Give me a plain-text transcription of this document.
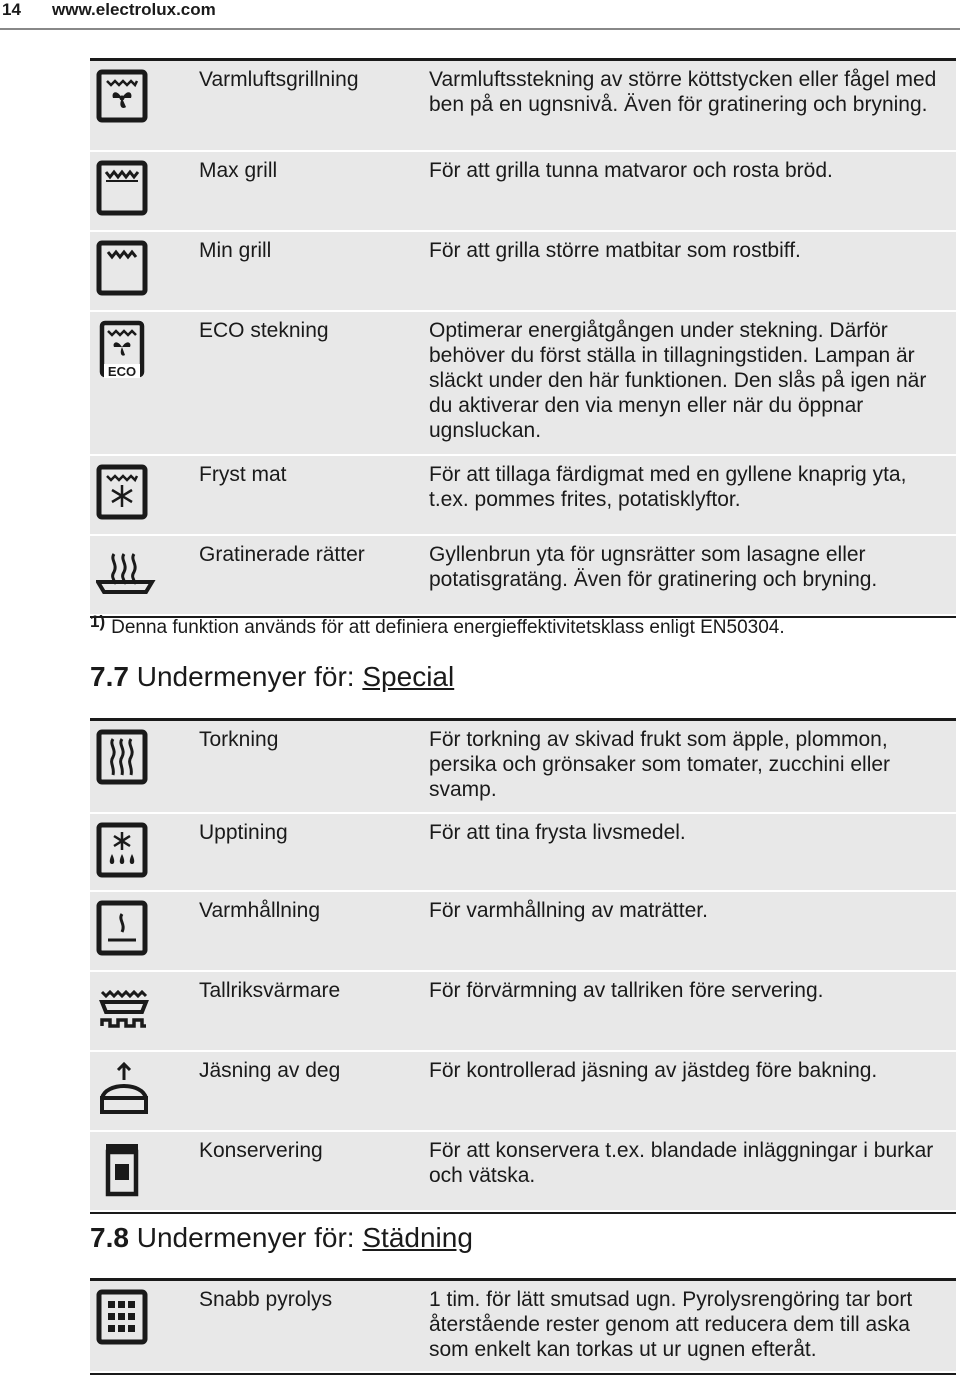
14 www.electrolux.com
Varmluftsgrillning	Varmluftsstekning av större köttstycken eller fågel med ben på en ugnsnivå. Även för gratinering och bryning.
Max grill	För att grilla tunna matvaror och rosta bröd.
Min grill	För att grilla större matbitar som rostbiff.
ECO
ECO stekning	Optimerar energiåtgången under stekning. Därför behöver du först ställa in tillagningstiden. Lampan är släckt under den här funktionen. Den slås på igen när du aktiverar den via menyn eller när du öppnar ugnsluckan.
Fryst mat	För att tillaga färdigmat med en gyllene knaprig yta, t.ex. pommes frites, potatisklyftor.
Gratinerade rätter	Gyllenbrun yta för ugnsrätter som lasagne eller potatisgratäng. Även för gratinering och bryning.
$^{1)}$ Denna funktion används för att definiera energieffektivitetsklass enligt EN50304.
7.7 Undermenyer för: Special
Torkning	För torkning av skivad frukt som äpple, plommon, persika och grönsaker som tomater, zucchini eller svamp.
Upptining	För att tina frysta livsmedel.
Varmhållning	För varmhållning av maträtter.
Tallriksvärmare	För förvärmning av tallriken före servering.
Jäsning av deg	För kontrollerad jäsning av jästdeg före bakning.
Konservering	För att konservera t.ex. blandade inläggningar i burkar och vätska.
7.8 Undermenyer för: Städning
Snabb pyrolys	1 tim. för lätt smutsad ugn. Pyrolysrengöring tar bort återstående rester genom att reducera dem till aska som enkelt kan torkas ut ur ugnen efteråt.
